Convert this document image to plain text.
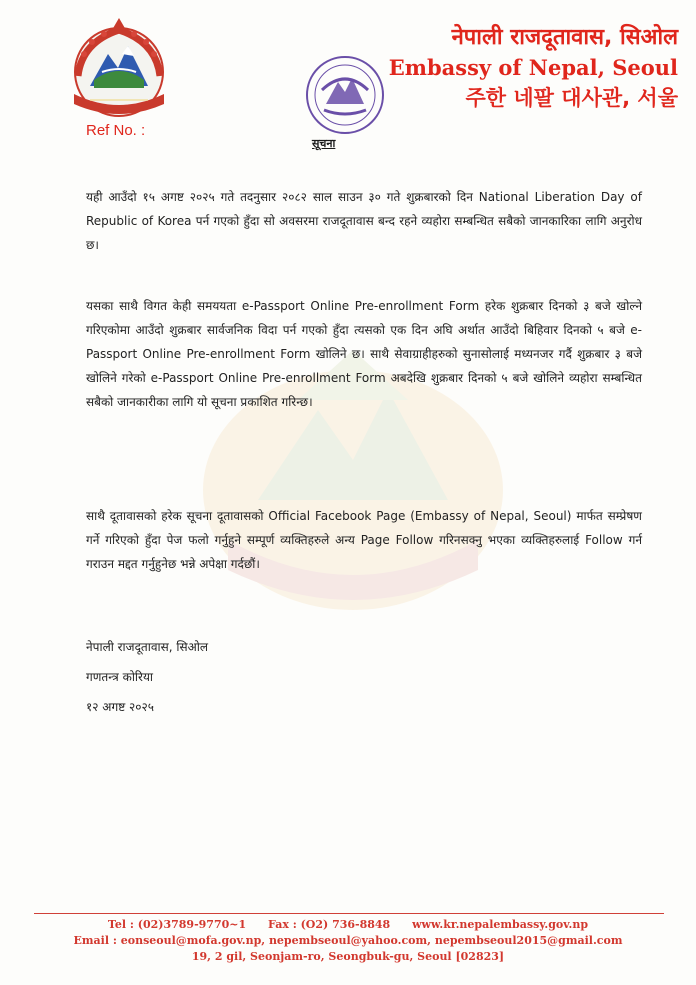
नेपाली राजदूतावास, सिओल
Embassy of Nepal, Seoul
주한 네팔 대사관, 서울
Ref No. :
सूचना
यही आउँदो १५ अगष्ट २०२५ गते तदनुसार २०८२ साल साउन ३० गते शुक्रबारको दिन National Liberation Day of Republic of Korea पर्न गएको हुँदा सो अवसरमा राजदूतावास बन्द रहने व्यहोरा सम्बन्धित सबैको जानकारिका लागि अनुरोध छ।
यसका साथै विगत केही समययता e-Passport Online Pre-enrollment Form हरेक शुक्रबार दिनको ३ बजे खोल्ने गरिएकोमा आउँदो शुक्रबार सार्वजनिक विदा पर्न गएको हुँदा त्यसको एक दिन अघि अर्थात आउँदो बिहिवार दिनको ५ बजे e-Passport Online Pre-enrollment Form खोलिने छ। साथै सेवाग्राहीहरुको सुनासोलाई मध्यनजर गर्दै शुक्रबार ३ बजे खोलिने गरेको e-Passport Online Pre-enrollment Form अबदेखि शुक्रबार दिनको ५ बजे खोलिने व्यहोरा सम्बन्धित सबैको जानकारीका लागि यो सूचना प्रकाशित गरिन्छ।
साथै दूतावासको हरेक सूचना दूतावासको Official Facebook Page (Embassy of Nepal, Seoul) मार्फत सम्प्रेषण गर्ने गरिएको हुँदा पेज फलो गर्नुहुने सम्पूर्ण व्यक्तिहरुले अन्य Page Follow गरिनसक्नु भएका व्यक्तिहरुलाई Follow गर्न गराउन मद्दत गर्नुहुनेछ भन्ने अपेक्षा गर्दछौं।
नेपाली राजदूतावास, सिओल
गणतन्त्र कोरिया
१२ अगष्ट २०२५
Tel : (02)3789-9770~1 Fax : (O2) 736-8848 www.kr.nepalembassy.gov.np
Email : eonseoul@mofa.gov.np, nepembseoul@yahoo.com, nepembseoul2015@gmail.com
19, 2 gil, Seonjam-ro, Seongbuk-gu, Seoul [02823]
